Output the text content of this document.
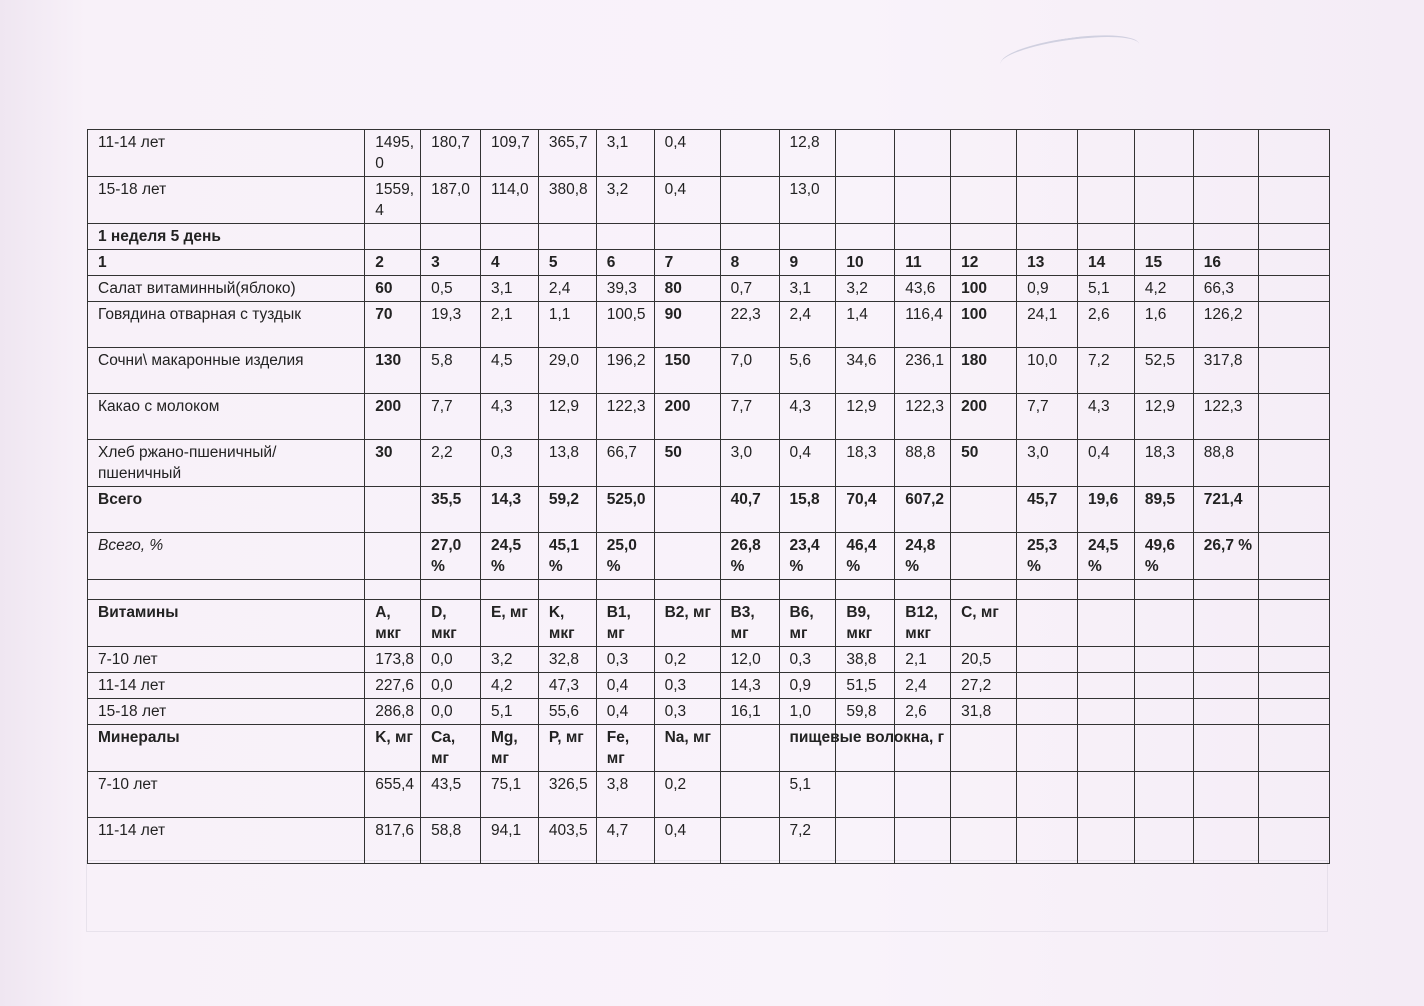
11-14 лет	1495,0	180,7	109,7	365,7	3,1	0,4		12,8								
15-18 лет	1559,4	187,0	114,0	380,8	3,2	0,4		13,0								
1 неделя 5 день																
1	2	3	4	5	6	7	8	9	10	11	12	13	14	15	16	
Салат витаминный(яблоко)	60	0,5	3,1	2,4	39,3	80	0,7	3,1	3,2	43,6	100	0,9	5,1	4,2	66,3	
Говядина отварная с туздык	70	19,3	2,1	1,1	100,5	90	22,3	2,4	1,4	116,4	100	24,1	2,6	1,6	126,2	
Сочни\ макаронные изделия	130	5,8	4,5	29,0	196,2	150	7,0	5,6	34,6	236,1	180	10,0	7,2	52,5	317,8	
Какао с молоком	200	7,7	4,3	12,9	122,3	200	7,7	4,3	12,9	122,3	200	7,7	4,3	12,9	122,3	
Хлеб ржано-пшеничный/ пшеничный	30	2,2	0,3	13,8	66,7	50	3,0	0,4	18,3	88,8	50	3,0	0,4	18,3	88,8	
Всего		35,5	14,3	59,2	525,0		40,7	15,8	70,4	607,2		45,7	19,6	89,5	721,4	
Всего, %		27,0 %	24,5 %	45,1 %	25,0 %		26,8 %	23,4 %	46,4 %	24,8 %		25,3 %	24,5 %	49,6 %	26,7 %	

Витамины	A, мкг	D, мкг	E, мг	K, мкг	B1, мг	B2, мг	B3, мг	B6, мг	B9, мкг	B12, мкг	C, мг					
7-10 лет	173,8	0,0	3,2	32,8	0,3	0,2	12,0	0,3	38,8	2,1	20,5					
11-14 лет	227,6	0,0	4,2	47,3	0,4	0,3	14,3	0,9	51,5	2,4	27,2					
15-18 лет	286,8	0,0	5,1	55,6	0,4	0,3	16,1	1,0	59,8	2,6	31,8					
Минералы	K, мг	Ca, мг	Mg, мг	P, мг	Fe, мг	Na, мг		пищевые волокна, г								
7-10 лет	655,4	43,5	75,1	326,5	3,8	0,2		5,1								
11-14 лет	817,6	58,8	94,1	403,5	4,7	0,4		7,2								
